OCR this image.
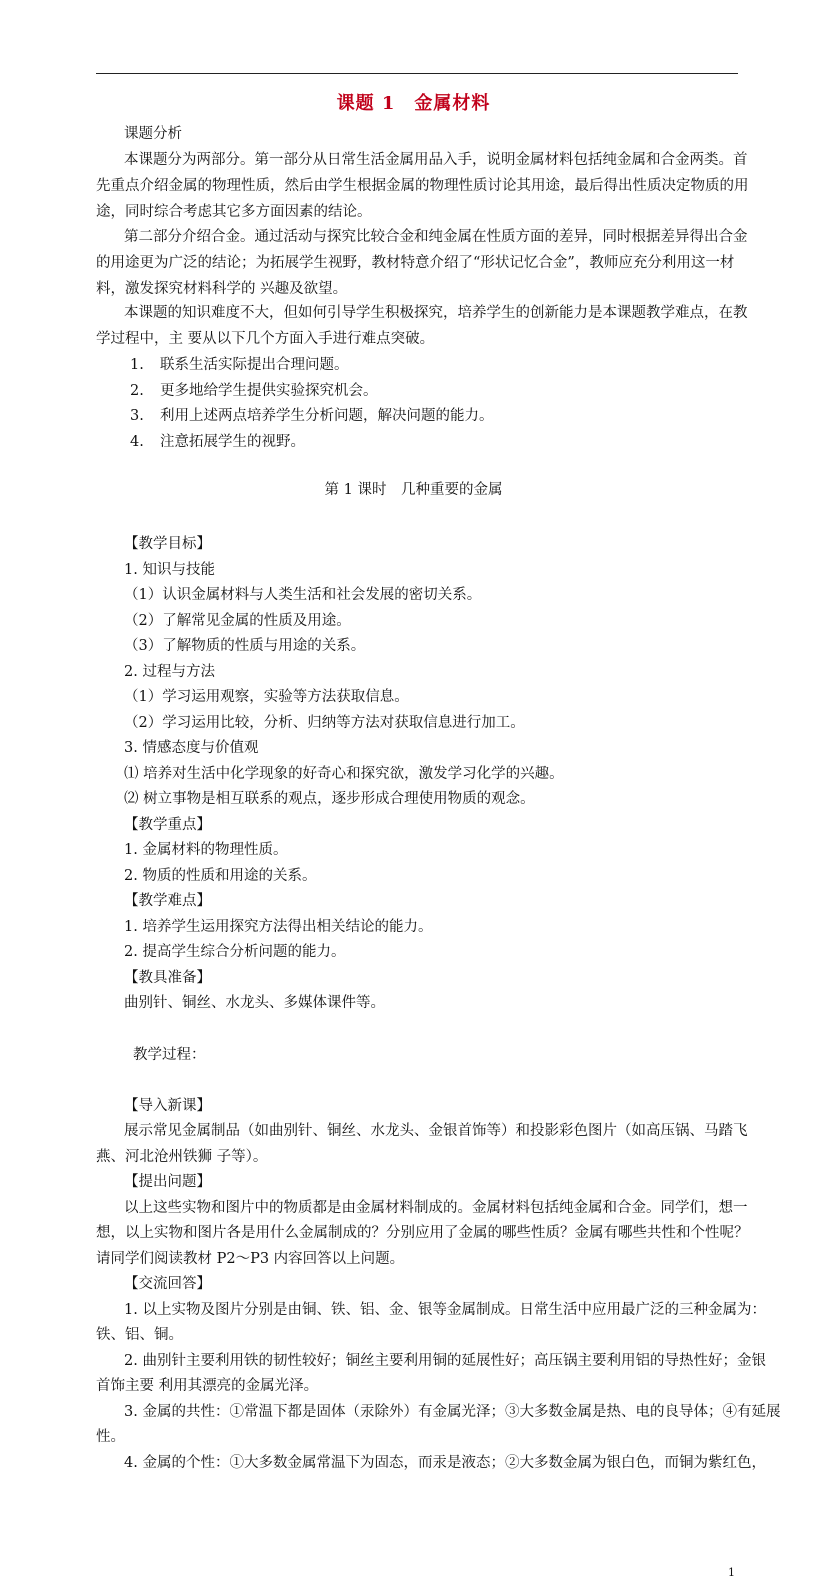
课题 1　金属材料
课题分析
本课题分为两部分。第一部分从日常生活金属用品入手，说明金属材料包括纯金属和合金两类。首
先重点介绍金属的物理性质，然后由学生根据金属的物理性质讨论其用途，最后得出性质决定物质的用
途，同时综合考虑其它多方面因素的结论。
第二部分介绍合金。通过活动与探究比较合金和纯金属在性质方面的差异，同时根据差异得出合金
的用途更为广泛的结论；为拓展学生视野，教材特意介绍了“形状记忆合金”，教师应充分利用这一材
料，激发探究材料科学的 兴趣及欲望。
本课题的知识难度不大，但如何引导学生积极探究，培养学生的创新能力是本课题教学难点，在教
学过程中，主 要从以下几个方面入手进行难点突破。
1. 联系生活实际提出合理问题。
2. 更多地给学生提供实验探究机会。
3. 利用上述两点培养学生分析问题，解决问题的能力。
4. 注意拓展学生的视野。
第 1 课时　几种重要的金属
【教学目标】
1. 知识与技能
（1）认识金属材料与人类生活和社会发展的密切关系。
（2）了解常见金属的性质及用途。
（3）了解物质的性质与用途的关系。
2. 过程与方法
（1）学习运用观察，实验等方法获取信息。
（2）学习运用比较，分析、归纳等方法对获取信息进行加工。
3. 情感态度与价值观
⑴ 培养对生活中化学现象的好奇心和探究欲，激发学习化学的兴趣。
⑵ 树立事物是相互联系的观点，逐步形成合理使用物质的观念。
【教学重点】
1. 金属材料的物理性质。
2. 物质的性质和用途的关系。
【教学难点】
1. 培养学生运用探究方法得出相关结论的能力。
2. 提高学生综合分析问题的能力。
【教具准备】
曲别针、铜丝、水龙头、多媒体课件等。
教学过程：
【导入新课】
展示常见金属制品（如曲别针、铜丝、水龙头、金银首饰等）和投影彩色图片（如高压锅、马踏飞
燕、河北沧州铁狮 子等）。
【提出问题】
以上这些实物和图片中的物质都是由金属材料制成的。金属材料包括纯金属和合金。同学们，想一
想，以上实物和图片各是用什么金属制成的？分别应用了金属的哪些性质？金属有哪些共性和个性呢？
请同学们阅读教材 P2～P3 内容回答以上问题。
【交流回答】
1. 以上实物及图片分别是由铜、铁、铝、金、银等金属制成。日常生活中应用最广泛的三种金属为：
铁、铝、铜。
2. 曲别针主要利用铁的韧性较好；铜丝主要利用铜的延展性好；高压锅主要利用铝的导热性好；金银
首饰主要 利用其漂亮的金属光泽。
3. 金属的共性：①常温下都是固体（汞除外）有金属光泽；③大多数金属是热、电的良导体；④有延展
性。
4. 金属的个性：①大多数金属常温下为固态，而汞是液态；②大多数金属为银白色，而铜为紫红色，
1
